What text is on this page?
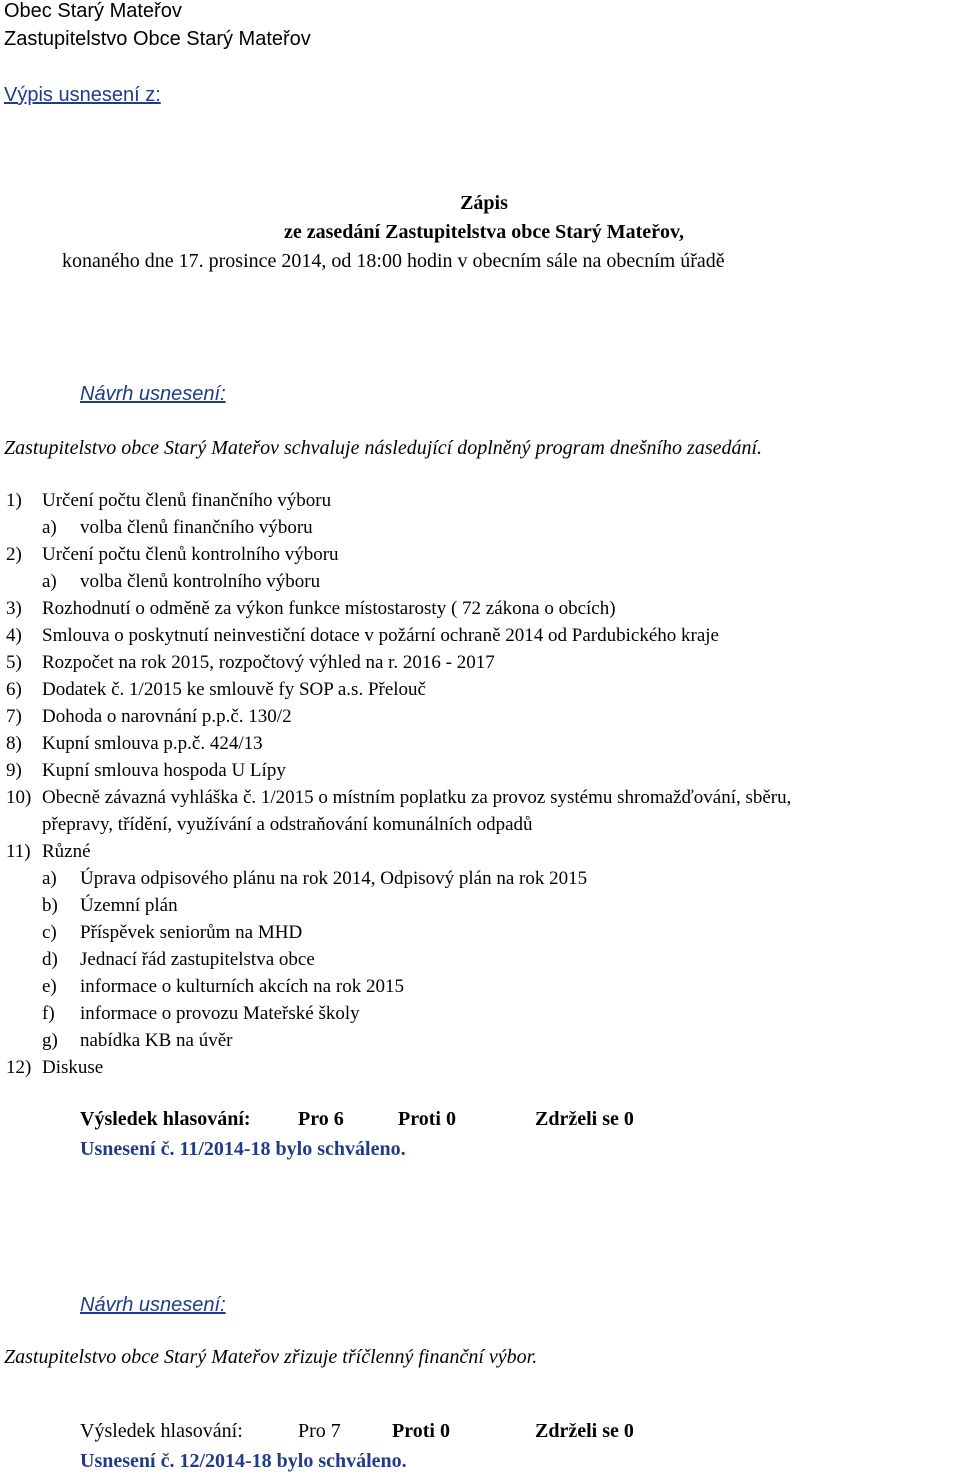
Obec Starý Mateřov
Zastupitelstvo Obce Starý Mateřov
Výpis usnesení z:
Zápis
ze zasedání Zastupitelstva obce Starý Mateřov,
konaného dne 17. prosince 2014, od 18:00 hodin v obecním sále na obecním úřadě
Návrh usnesení:
Zastupitelstvo obce Starý Mateřov schvaluje následující doplněný program dnešního zasedání.
1) Určení počtu členů finančního výboru
a) volba členů finančního výboru
2) Určení počtu členů kontrolního výboru
a) volba členů kontrolního výboru
3) Rozhodnutí o odměně za výkon funkce místostarosty ( 72 zákona o obcích)
4) Smlouva o poskytnutí neinvestiční dotace v požární ochraně 2014 od Pardubického kraje
5) Rozpočet na rok 2015, rozpočtový výhled na r. 2016 - 2017
6) Dodatek č. 1/2015 ke smlouvě fy SOP a.s. Přelouč
7) Dohoda o narovnání p.p.č. 130/2
8) Kupní smlouva p.p.č. 424/13
9) Kupní smlouva hospoda U Lípy
10) Obecně závazná vyhláška č. 1/2015 o místním poplatku za provoz systému shromažďování, sběru,
přepravy, třídění, využívání a odstraňování komunálních odpadů
11) Různé
a) Úprava odpisového plánu na rok 2014, Odpisový plán na rok 2015
b) Územní plán
c) Příspěvek seniorům na MHD
d) Jednací řád zastupitelstva obce
e) informace o kulturních akcích na rok 2015
f) informace o provozu Mateřské školy
g) nabídka KB na úvěr
12) Diskuse
Výsledek hlasování: Pro 6	Proti 0	Zdrželi se 0
Usnesení č. 11/2014-18 bylo schváleno.
Návrh usnesení:
Zastupitelstvo obce Starý Mateřov zřizuje tříčlenný finanční výbor.
Výsledek hlasování:	Pro 7	Proti 0	Zdrželi se 0
Usnesení č. 12/2014-18 bylo schváleno.
